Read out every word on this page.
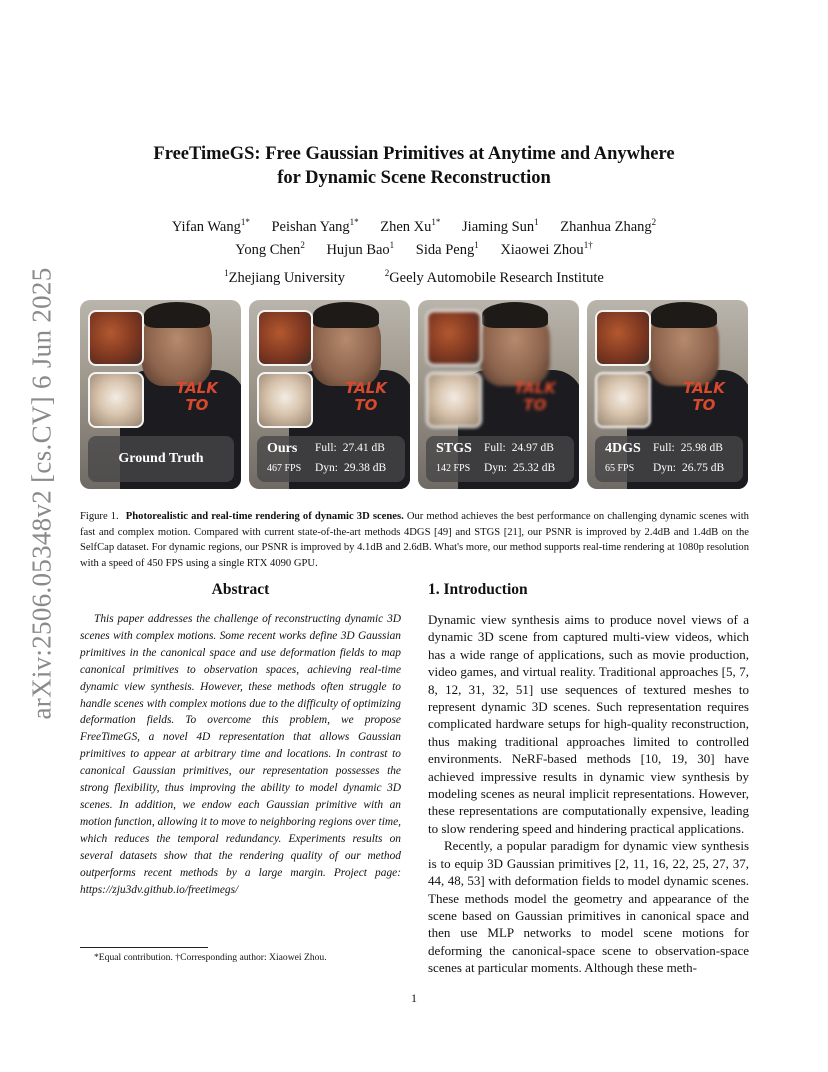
arXiv:2506.05348v2 [cs.CV] 6 Jun 2025
FreeTimeGS: Free Gaussian Primitives at Anytime and Anywhere
for Dynamic Scene Reconstruction
Yifan Wang$^{1*}$ Peishan Yang$^{1*}$ Zhen $Xu^{1*}$ Jiaming Sun$^1$ Zhanhua Zhang$^2$
Yong Chen$^2$ Hujun Bao$^1$ Sida Peng$^1$ Xiaowei Zhou$^{1\dagger}$
$^1$Zhejiang University	$^2$Geely Automobile Research Institute
TALK
TO
Ground Truth
TALK
TO
Ours
467 FPS
Full: 27.41 dB
Dyn: 29.38 dB
TALK
TO
STGS
142 FPS
Full: 24.97 dB
Dyn: 25.32 dB
TALK
TO
4DGS
65 FPS
Full: 25.98 dB
Dyn: 26.75 dB
Figure 1. Photorealistic and real-time rendering of dynamic 3D scenes. Our method achieves the best performance on challenging dynamic scenes with fast and complex motion. Compared with current state-of-the-art methods 4DGS [49] and STGS [21], our PSNR is improved by 2.4dB and 1.4dB on the SelfCap dataset. For dynamic regions, our PSNR is improved by 4.1dB and 2.6dB. What's more, our method supports real-time rendering at 1080p resolution with a speed of 450 FPS using a single RTX 4090 GPU.
Abstract

This paper addresses the challenge of reconstructing dynamic 3D scenes with complex motions. Some recent works define 3D Gaussian primitives in the canonical space and use deformation fields to map canonical primitives to observation spaces, achieving real-time dynamic view synthesis. However, these methods often struggle to handle scenes with complex motions due to the difficulty of optimizing deformation fields. To overcome this problem, we propose FreeTimeGS, a novel 4D representation that allows Gaussian primitives to appear at arbitrary time and locations. In contrast to canonical Gaussian primitives, our representation possesses the strong flexibility, thus improving the ability to model dynamic 3D scenes. In addition, we endow each Gaussian primitive with an motion function, allowing it to move to neighboring regions over time, which reduces the temporal redundancy. Experiments results on several datasets show that the rendering quality of our method outperforms recent methods by a large margin. Project page: https://zju3dv.github.io/freetimegs/

1. Introduction

Dynamic view synthesis aims to produce novel views of a dynamic 3D scene from captured multi-view videos, which has a wide range of applications, such as movie production, video games, and virtual reality. Traditional approaches [5, 7, 8, 12, 31, 32, 51] use sequences of textured meshes to represent dynamic 3D scenes. Such representation requires complicated hardware setups for high-quality reconstruction, thus making traditional approaches limited to controlled environments. NeRF-based methods [10, 19, 30] have achieved impressive results in dynamic view synthesis by modeling scenes as neural implicit representations. However, these representations are computationally expensive, leading to slow rendering speed and hindering practical applications.

Recently, a popular paradigm for dynamic view synthesis is to equip 3D Gaussian primitives [2, 11, 16, 22, 25, 27, 37, 44, 48, 53] with deformation fields to model dynamic scenes. These methods model the geometry and appearance of the scene based on Gaussian primitives in canonical space and then use MLP networks to model scene motions for deforming the canonical-space scene to observation-space scenes at particular moments. Although these meth-

*Equal contribution. †Corresponding author: Xiaowei Zhou.
1
